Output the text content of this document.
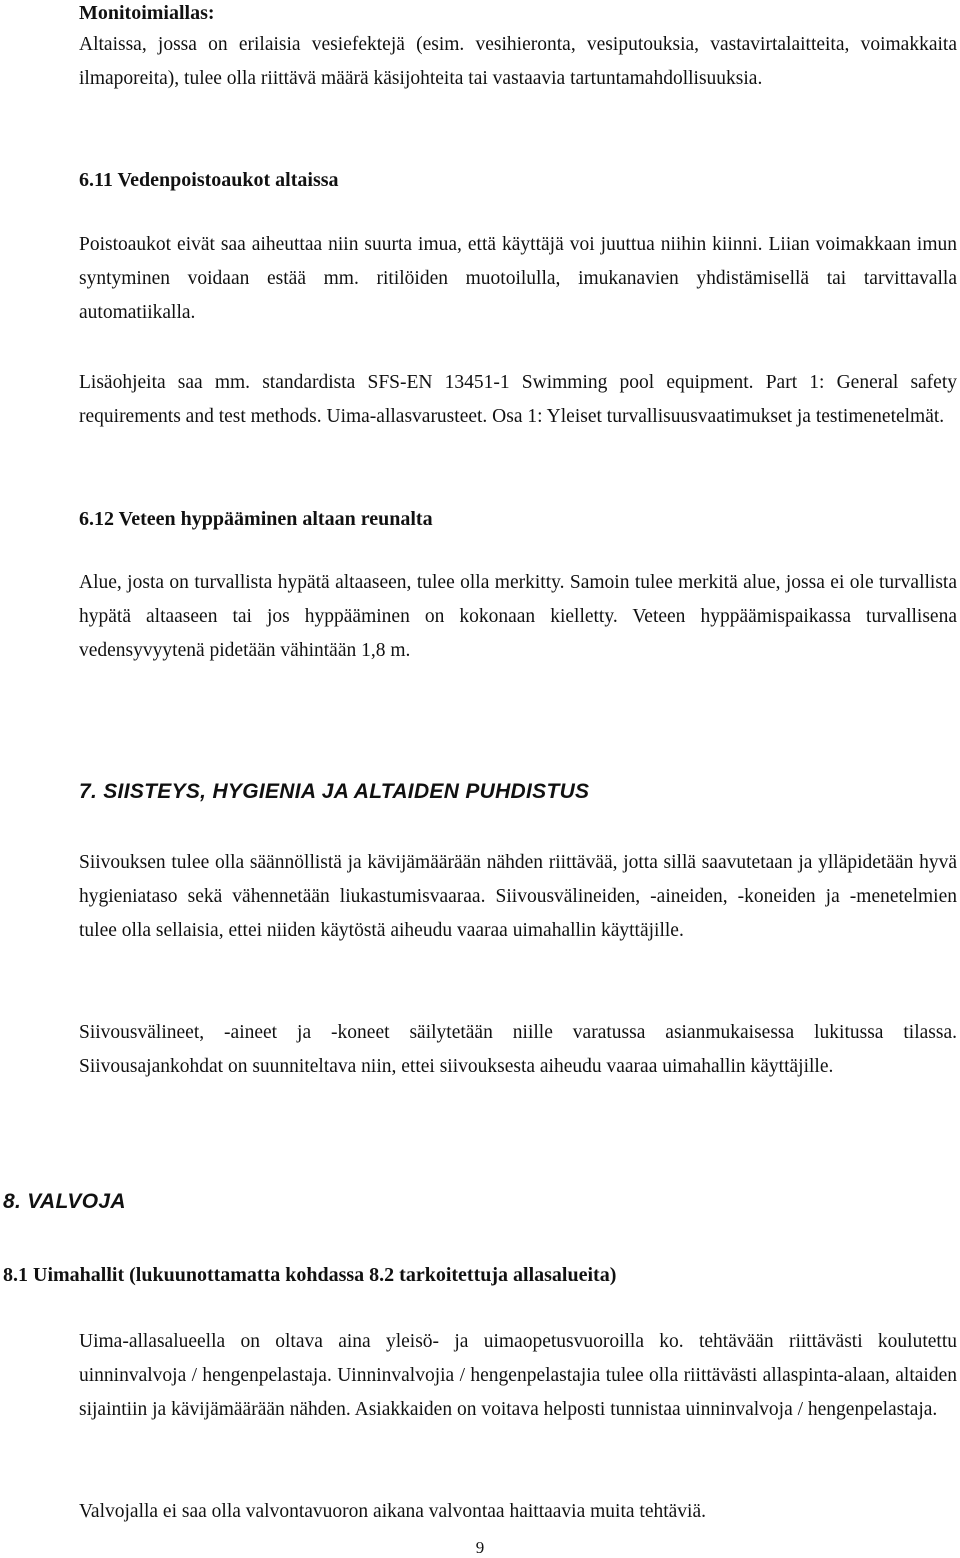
Monitoimiallas:
Altaissa, jossa on erilaisia vesiefektejä (esim. vesihieronta, vesiputouksia, vastavirtalaitteita, voimakkaita ilmaporeita), tulee olla riittävä määrä käsijohteita tai vastaavia tartuntamahdollisuuksia.
6.11 Vedenpoistoaukot altaissa
Poistoaukot eivät saa aiheuttaa niin suurta imua, että käyttäjä voi juuttua niihin kiinni. Liian voimakkaan imun syntyminen voidaan estää mm. ritilöiden muotoilulla, imukanavien yhdistämisellä tai tarvittavalla automatiikalla.
Lisäohjeita saa mm. standardista SFS-EN 13451-1 Swimming pool equipment. Part 1: General safety requirements and test methods. Uima-allasvarusteet. Osa 1: Yleiset turvallisuusvaatimukset ja testimenetelmät.
6.12 Veteen hyppääminen altaan reunalta
Alue, josta on turvallista hypätä altaaseen, tulee olla merkitty. Samoin tulee merkitä alue, jossa ei ole turvallista hypätä altaaseen tai jos hyppääminen on kokonaan kielletty. Veteen hyppäämispaikassa turvallisena vedensyvyytenä pidetään vähintään 1,8 m.
7. SIISTEYS, HYGIENIA JA ALTAIDEN PUHDISTUS
Siivouksen tulee olla säännöllistä ja kävijämäärään nähden riittävää, jotta sillä saavutetaan ja ylläpidetään hyvä hygieniataso sekä vähennetään liukastumisvaaraa. Siivousvälineiden, -aineiden, -koneiden ja -menetelmien tulee olla sellaisia, ettei niiden käytöstä aiheudu vaaraa uimahallin käyttäjille.
Siivousvälineet, -aineet ja -koneet säilytetään niille varatussa asianmukaisessa lukitussa tilassa. Siivousajankohdat on suunniteltava niin, ettei siivouksesta aiheudu vaaraa uimahallin käyttäjille.
8. VALVOJA
8.1 Uimahallit (lukuunottamatta kohdassa 8.2 tarkoitettuja allasalueita)
Uima-allasalueella on oltava aina yleisö- ja uimaopetusvuoroilla ko. tehtävään riittävästi koulutettu uinninvalvoja / hengenpelastaja. Uinninvalvojia / hengenpelastajia tulee olla riittävästi allaspinta-alaan, altaiden sijaintiin ja kävijämäärään nähden. Asiakkaiden on voitava helposti tunnistaa uinninvalvoja / hengenpelastaja.
Valvojalla ei saa olla valvontavuoron aikana valvontaa haittaavia muita tehtäviä.
9
